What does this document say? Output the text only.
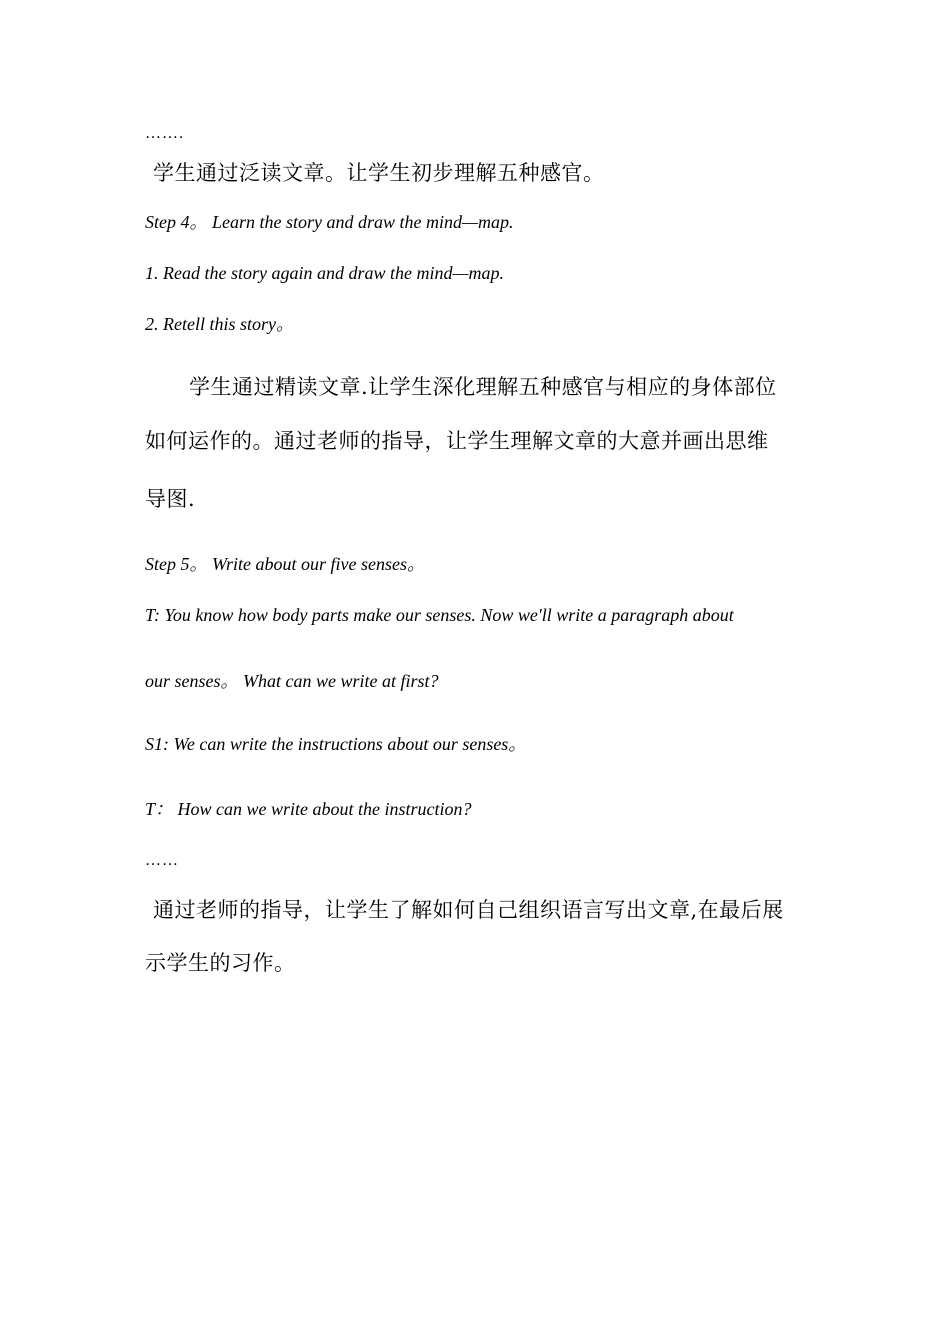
…….
学生通过泛读文章。让学生初步理解五种感官。
Step 4。 Learn the story and draw the mind—map.
1. Read the story again and draw the mind—map.
2. Retell this story。
学生通过精读文章.让学生深化理解五种感官与相应的身体部位
如何运作的。通过老师的指导，让学生理解文章的大意并画出思维
导图.
Step 5。 Write about our five senses。
T: You know how body parts make our senses. Now we'll write a paragraph about
our senses。 What can we write at first?
S1: We can write the instructions about our senses。
T： How can we write about the instruction?
……
通过老师的指导，让学生了解如何自己组织语言写出文章,在最后展
示学生的习作。
